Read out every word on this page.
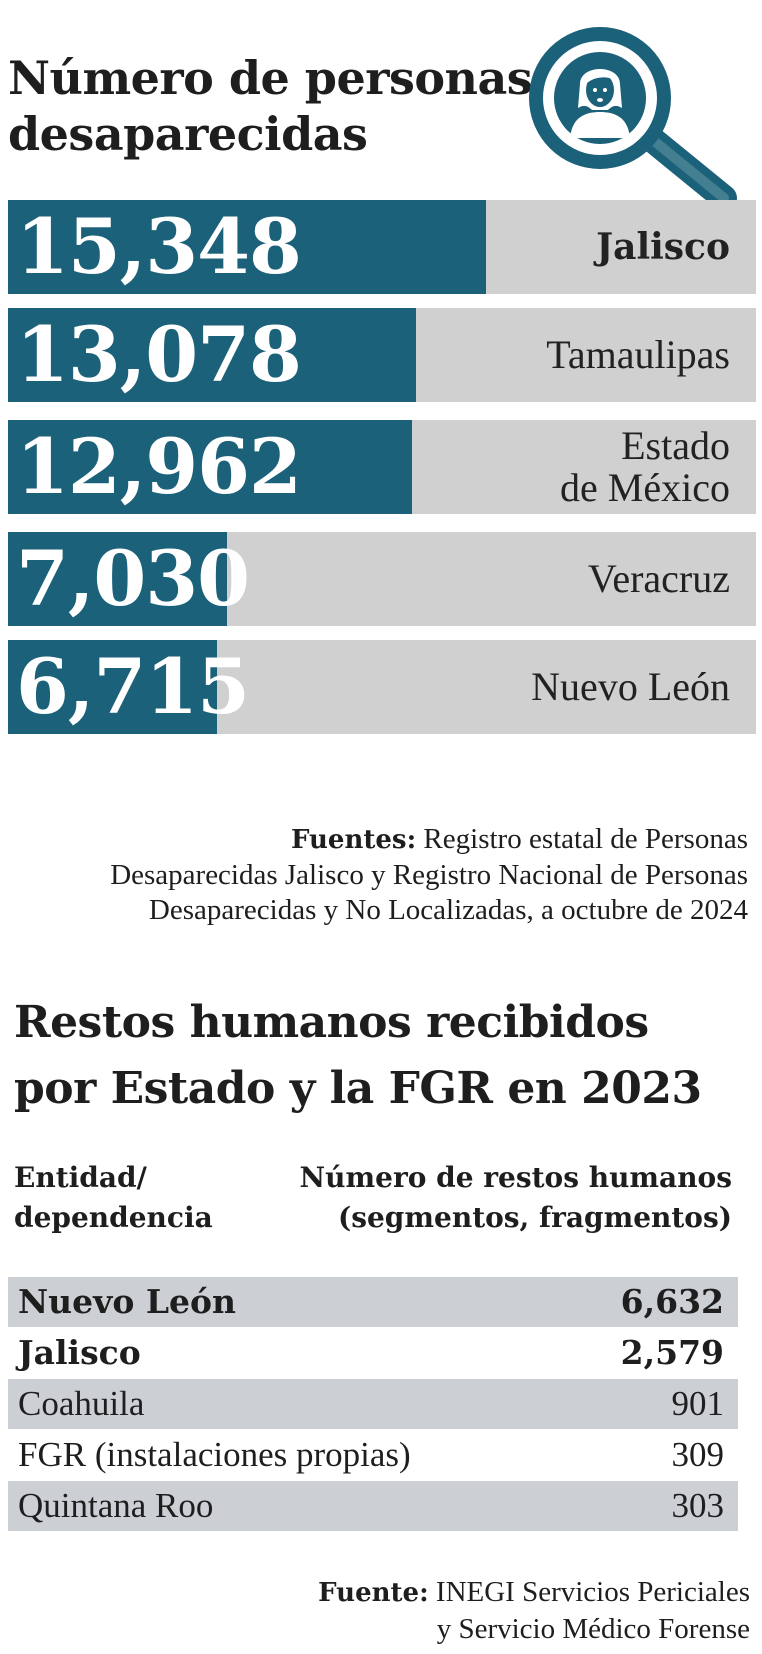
Número de personas
desaparecidas
15,348	Jalisco
13,078	Tamaulipas
12,962	Estado
de México
7,030	Veracruz
6,715	Nuevo León
Fuentes: Registro estatal de Personas
Desaparecidas Jalisco y Registro Nacional de Personas
Desaparecidas y No Localizadas, a octubre de 2024
Restos humanos recibidos
por Estado y la FGR en 2023
Entidad/
dependencia
Número de restos humanos
(segmentos, fragmentos)
Nuevo León	6,632
Jalisco	2,579
Coahuila	901
FGR (instalaciones propias)	309
Quintana Roo	303
Fuente: INEGI Servicios Periciales
y Servicio Médico Forense
